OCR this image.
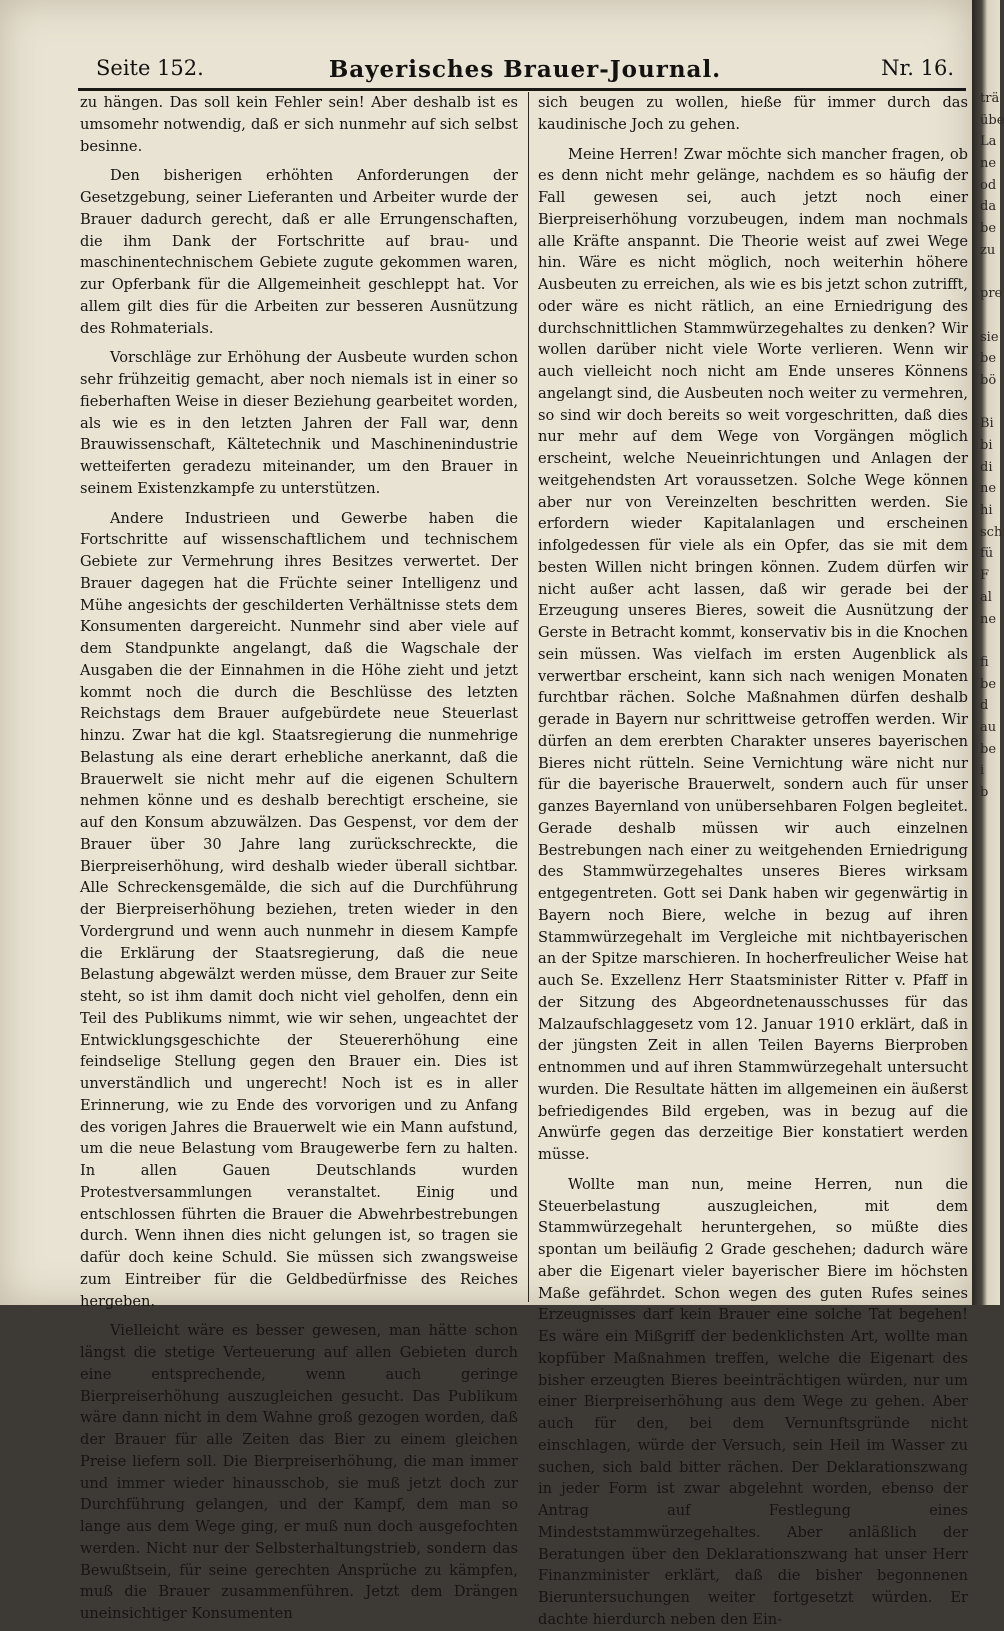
Seite 152.	Bayerisches Brauer-Journal.	Nr. 16.

zu hängen. Das soll kein Fehler sein! Aber deshalb ist es umsomehr notwendig, daß er sich nunmehr auf sich selbst besinne.

Den bisherigen erhöhten Anforderungen der Gesetzgebung, seiner Lieferanten und Arbeiter wurde der Brauer dadurch gerecht, daß er alle Errungenschaften, die ihm Dank der Fortschritte auf brau- und maschinentechnischem Gebiete zugute gekommen waren, zur Opferbank für die Allgemeinheit geschleppt hat. Vor allem gilt dies für die Arbeiten zur besseren Ausnützung des Rohmaterials.

Vorschläge zur Erhöhung der Ausbeute wurden schon sehr frühzeitig gemacht, aber noch niemals ist in einer so fieberhaften Weise in dieser Beziehung gearbeitet worden, als wie es in den letzten Jahren der Fall war, denn Brauwissenschaft, Kältetechnik und Maschinenindustrie wetteiferten geradezu miteinander, um den Brauer in seinem Existenzkampfe zu unterstützen.

Andere Industrieen und Gewerbe haben die Fortschritte auf wissenschaftlichem und technischem Gebiete zur Vermehrung ihres Besitzes verwertet. Der Brauer dagegen hat die Früchte seiner Intelligenz und Mühe angesichts der geschilderten Verhältnisse stets dem Konsumenten dargereicht. Nunmehr sind aber viele auf dem Standpunkte angelangt, daß die Wagschale der Ausgaben die der Einnahmen in die Höhe zieht und jetzt kommt noch die durch die Beschlüsse des letzten Reichstags dem Brauer aufgebürdete neue Steuerlast hinzu. Zwar hat die kgl. Staatsregierung die nunmehrige Belastung als eine derart erhebliche anerkannt, daß die Brauerwelt sie nicht mehr auf die eigenen Schultern nehmen könne und es deshalb berechtigt erscheine, sie auf den Konsum abzuwälzen. Das Gespenst, vor dem der Brauer über 30 Jahre lang zurückschreckte, die Bierpreiserhöhung, wird deshalb wieder überall sichtbar. Alle Schreckensgemälde, die sich auf die Durchführung der Bierpreiserhöhung beziehen, treten wieder in den Vordergrund und wenn auch nunmehr in diesem Kampfe die Erklärung der Staatsregierung, daß die neue Belastung abgewälzt werden müsse, dem Brauer zur Seite steht, so ist ihm damit doch nicht viel geholfen, denn ein Teil des Publikums nimmt, wie wir sehen, ungeachtet der Entwicklungsgeschichte der Steuererhöhung eine feindselige Stellung gegen den Brauer ein. Dies ist unverständlich und ungerecht! Noch ist es in aller Erinnerung, wie zu Ende des vorvorigen und zu Anfang des vorigen Jahres die Brauerwelt wie ein Mann aufstund, um die neue Belastung vom Braugewerbe fern zu halten. In allen Gauen Deutschlands wurden Protestversammlungen veranstaltet. Einig und entschlossen führten die Brauer die Abwehrbestrebungen durch. Wenn ihnen dies nicht gelungen ist, so tragen sie dafür doch keine Schuld. Sie müssen sich zwangsweise zum Eintreiber für die Geldbedürfnisse des Reiches hergeben.

Vielleicht wäre es besser gewesen, man hätte schon längst die stetige Verteuerung auf allen Gebieten durch eine entsprechende, wenn auch geringe Bierpreiserhöhung auszugleichen gesucht. Das Publikum wäre dann nicht in dem Wahne groß gezogen worden, daß der Brauer für alle Zeiten das Bier zu einem gleichen Preise liefern soll. Die Bierpreiserhöhung, die man immer und immer wieder hinausschob, sie muß jetzt doch zur Durchführung gelangen, und der Kampf, dem man so lange aus dem Wege ging, er muß nun doch ausgefochten werden. Nicht nur der Selbsterhaltungstrieb, sondern das Bewußtsein, für seine gerechten Ansprüche zu kämpfen, muß die Brauer zusammenführen. Jetzt dem Drängen uneinsichtiger Konsumenten

sich beugen zu wollen, hieße für immer durch das kaudinische Joch zu gehen.

Meine Herren! Zwar möchte sich mancher fragen, ob es denn nicht mehr gelänge, nachdem es so häufig der Fall gewesen sei, auch jetzt noch einer Bierpreiserhöhung vorzubeugen, indem man nochmals alle Kräfte anspannt. Die Theorie weist auf zwei Wege hin. Wäre es nicht möglich, noch weiterhin höhere Ausbeuten zu erreichen, als wie es bis jetzt schon zutrifft, oder wäre es nicht rätlich, an eine Erniedrigung des durchschnittlichen Stammwürzegehaltes zu denken? Wir wollen darüber nicht viele Worte verlieren. Wenn wir auch vielleicht noch nicht am Ende unseres Könnens angelangt sind, die Ausbeuten noch weiter zu vermehren, so sind wir doch bereits so weit vorgeschritten, daß dies nur mehr auf dem Wege von Vorgängen möglich erscheint, welche Neueinrichtungen und Anlagen der weitgehendsten Art voraussetzen. Solche Wege können aber nur von Vereinzelten beschritten werden. Sie erfordern wieder Kapitalanlagen und erscheinen infolgedessen für viele als ein Opfer, das sie mit dem besten Willen nicht bringen können. Zudem dürfen wir nicht außer acht lassen, daß wir gerade bei der Erzeugung unseres Bieres, soweit die Ausnützung der Gerste in Betracht kommt, konservativ bis in die Knochen sein müssen. Was vielfach im ersten Augenblick als verwertbar erscheint, kann sich nach wenigen Monaten furchtbar rächen. Solche Maßnahmen dürfen deshalb gerade in Bayern nur schrittweise getroffen werden. Wir dürfen an dem ererbten Charakter unseres bayerischen Bieres nicht rütteln. Seine Vernichtung wäre nicht nur für die bayerische Brauerwelt, sondern auch für unser ganzes Bayernland von unübersehbaren Folgen begleitet. Gerade deshalb müssen wir auch einzelnen Bestrebungen nach einer zu weitgehenden Erniedrigung des Stammwürzegehaltes unseres Bieres wirksam entgegentreten. Gott sei Dank haben wir gegenwärtig in Bayern noch Biere, welche in bezug auf ihren Stammwürzegehalt im Vergleiche mit nichtbayerischen an der Spitze marschieren. In hocherfreulicher Weise hat auch Se. Exzellenz Herr Staatsminister Ritter v. Pfaff in der Sitzung des Abgeordnetenausschusses für das Malzaufschlaggesetz vom 12. Januar 1910 erklärt, daß in der jüngsten Zeit in allen Teilen Bayerns Bierproben entnommen und auf ihren Stammwürzegehalt untersucht wurden. Die Resultate hätten im allgemeinen ein äußerst befriedigendes Bild ergeben, was in bezug auf die Anwürfe gegen das derzeitige Bier konstatiert werden müsse.

Wollte man nun, meine Herren, nun die Steuerbelastung auszugleichen, mit dem Stammwürzegehalt heruntergehen, so müßte dies spontan um beiläufig 2 Grade geschehen; dadurch wäre aber die Eigenart vieler bayerischer Biere im höchsten Maße gefährdet. Schon wegen des guten Rufes seines Erzeugnisses darf kein Brauer eine solche Tat begehen! Es wäre ein Mißgriff der bedenklichsten Art, wollte man kopfüber Maßnahmen treffen, welche die Eigenart des bisher erzeugten Bieres beeinträchtigen würden, nur um einer Bierpreiserhöhung aus dem Wege zu gehen. Aber auch für den, bei dem Vernunftsgründe nicht einschlagen, würde der Versuch, sein Heil im Wasser zu suchen, sich bald bitter rächen. Der Deklarationszwang in jeder Form ist zwar abgelehnt worden, ebenso der Antrag auf Festlegung eines Mindeststammwürzegehaltes. Aber anläßlich der Beratungen über den Deklarationszwang hat unser Herr Finanzminister erklärt, daß die bisher begonnenen Bieruntersuchungen weiter fortgesetzt würden. Er dachte hierdurch neben den Ein-

trä
übe
La
ne
od
da
be
zu
pre
sie
be
bö
Bi
bi
di
ne
hi
sch
fü
F
al
ne
fi
be
d
au
be
i
b
